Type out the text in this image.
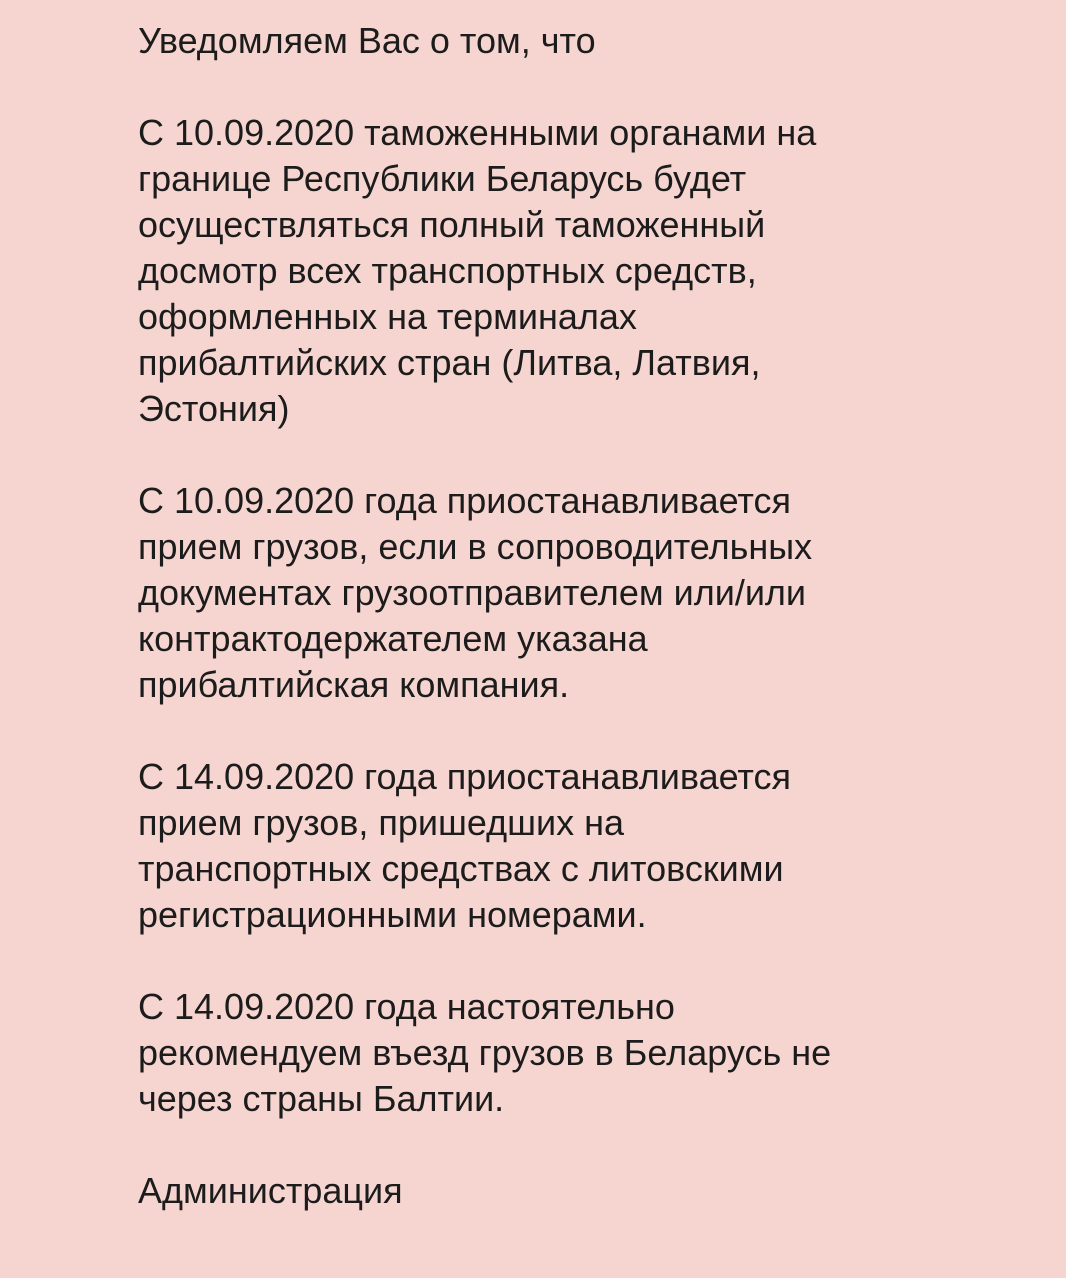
Уведомляем Вас о том, что
С 10.09.2020 таможенными органами на
границе Республики Беларусь будет
осуществляться полный таможенный
досмотр всех транспортных средств,
оформленных на терминалах
прибалтийских стран (Литва, Латвия,
Эстония)
С 10.09.2020 года приостанавливается
прием грузов, если в сопроводительных
документах грузоотправителем или/или
контрактодержателем указана
прибалтийская компания.
С 14.09.2020 года приостанавливается
прием грузов, пришедших на
транспортных средствах с литовскими
регистрационными номерами.
С 14.09.2020 года настоятельно
рекомендуем въезд грузов в Беларусь не
через страны Балтии.
Администрация
